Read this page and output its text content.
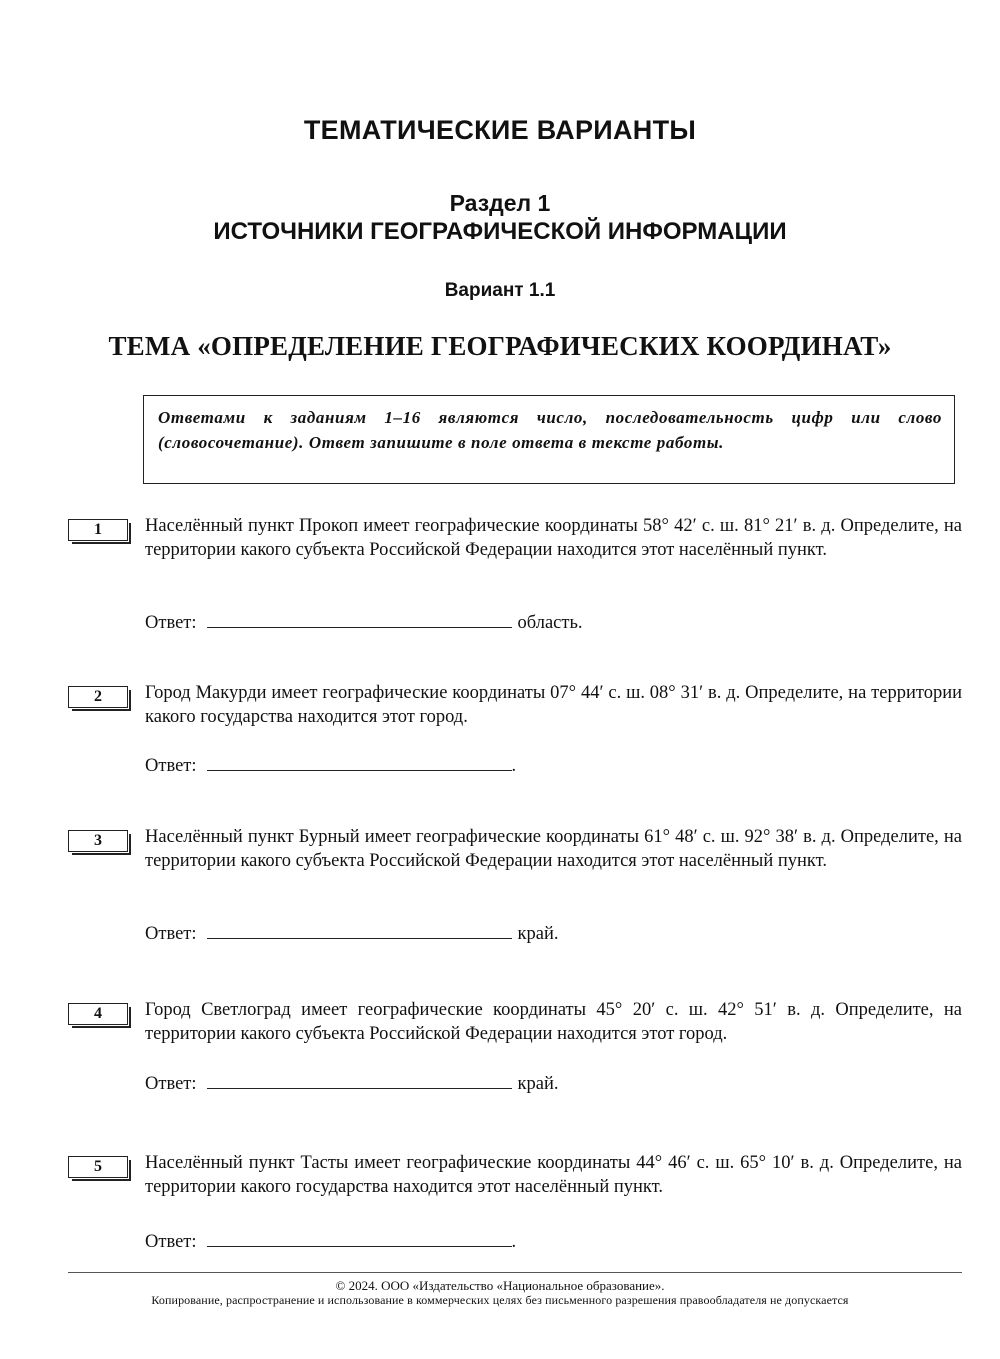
ТЕМАТИЧЕСКИЕ ВАРИАНТЫ
Раздел 1
ИСТОЧНИКИ ГЕОГРАФИЧЕСКОЙ ИНФОРМАЦИИ
Вариант 1.1
ТЕМА «ОПРЕДЕЛЕНИЕ ГЕОГРАФИЧЕСКИХ КООРДИНАТ»
Ответами к заданиям 1–16 являются число, последовательность цифр или слово (словосочетание). Ответ запишите в поле ответа в тексте работы.
1	Населённый пункт Прокоп имеет географические координаты 58° 42′ с. ш. 81° 21′ в. д. Определите, на территории какого субъекта Российской Федерации находится этот населённый пункт.
Ответ:	область.
2	Город Макурди имеет географические координаты 07° 44′ с. ш. 08° 31′ в. д. Определите, на территории какого государства находится этот город.
Ответ:	.
3	Населённый пункт Бурный имеет географические координаты 61° 48′ с. ш. 92° 38′ в. д. Определите, на территории какого субъекта Российской Федерации находится этот населённый пункт.
Ответ:	край.
4	Город Светлоград имеет географические координаты 45° 20′ с. ш. 42° 51′ в. д. Определите, на территории какого субъекта Российской Федерации находится этот город.
Ответ:	край.
5	Населённый пункт Тасты имеет географические координаты 44° 46′ с. ш. 65° 10′ в. д. Определите, на территории какого государства находится этот населённый пункт.
Ответ:	.
© 2024. ООО «Издательство «Национальное образование».
Копирование, распространение и использование в коммерческих целях без письменного разрешения правообладателя не допускается
